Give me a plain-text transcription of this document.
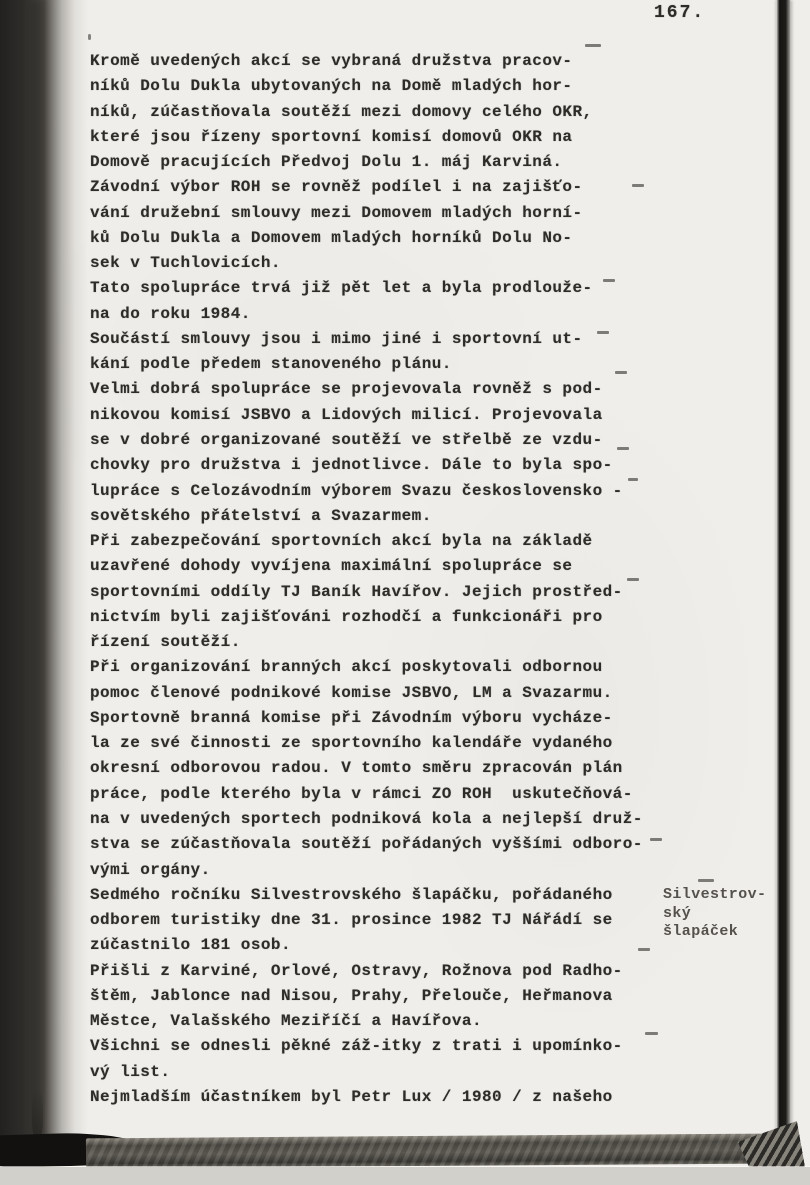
167.
Kromě uvedených akcí se vybraná družstva pracov-
níků Dolu Dukla ubytovaných na Domě mladých hor-
níků, zúčastňovala soutěží mezi domovy celého OKR,
které jsou řízeny sportovní komisí domovů OKR na
Domově pracujících Předvoj Dolu 1. máj Karviná.
Závodní výbor ROH se rovněž podílel i na zajišťo-
vání družební smlouvy mezi Domovem mladých horní-
ků Dolu Dukla a Domovem mladých horníků Dolu No-
sek v Tuchlovicích.
Tato spolupráce trvá již pět let a byla prodlouže-
na do roku 1984.
Součástí smlouvy jsou i mimo jiné i sportovní ut-
kání podle předem stanoveného plánu.
Velmi dobrá spolupráce se projevovala rovněž s pod-
nikovou komisí JSBVO a Lidových milicí. Projevovala
se v dobré organizované soutěží ve střelbě ze vzdu-
chovky pro družstva i jednotlivce. Dále to byla spo-
lupráce s Celozávodním výborem Svazu československo -
sovětského přátelství a Svazarmem.
Při zabezpečování sportovních akcí byla na základě
uzavřené dohody vyvíjena maximální spolupráce se
sportovními oddíly TJ Baník Havířov. Jejich prostřed-
nictvím byli zajišťováni rozhodčí a funkcionáři pro
řízení soutěží.
Při organizování branných akcí poskytovali odbornou
pomoc členové podnikové komise JSBVO, LM a Svazarmu.
Sportovně branná komise při Závodním výboru vycháze-
la ze své činnosti ze sportovního kalendáře vydaného
okresní odborovou radou. V tomto směru zpracován plán
práce, podle kterého byla v rámci ZO ROH  uskutečňová-
na v uvedených sportech podniková kola a nejlepší druž-
stva se zúčastňovala soutěží pořádaných vyššími odboro-
vými orgány.
Sedmého ročníku Silvestrovského šlapáčku, pořádaného
odborem turistiky dne 31. prosince 1982 TJ Nářádí se
zúčastnilo 181 osob.
Přišli z Karviné, Orlové, Ostravy, Rožnova pod Radho-
štěm, Jablonce nad Nisou, Prahy, Přelouče, Heřmanova
Městce, Valašského Meziříčí a Havířova.
Všichni se odnesli pěkné záž-itky z trati i upomínko-
vý list.
Nejmladším účastníkem byl Petr Lux / 1980 / z našeho
Silvestrov-
ský
šlapáček
